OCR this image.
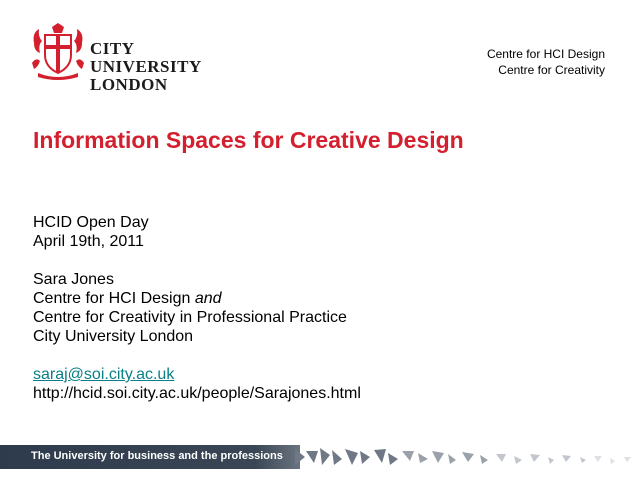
CITY UNIVERSITY
LONDON
Centre for HCI Design
Centre for Creativity
Information Spaces for Creative Design
HCID Open Day
April 19th, 2011
Sara Jones
Centre for HCI Design and
Centre for Creativity in Professional Practice
City University London
saraj@soi.city.ac.uk
http://hcid.soi.city.ac.uk/people/Sarajones.html
The University for business and the professions
